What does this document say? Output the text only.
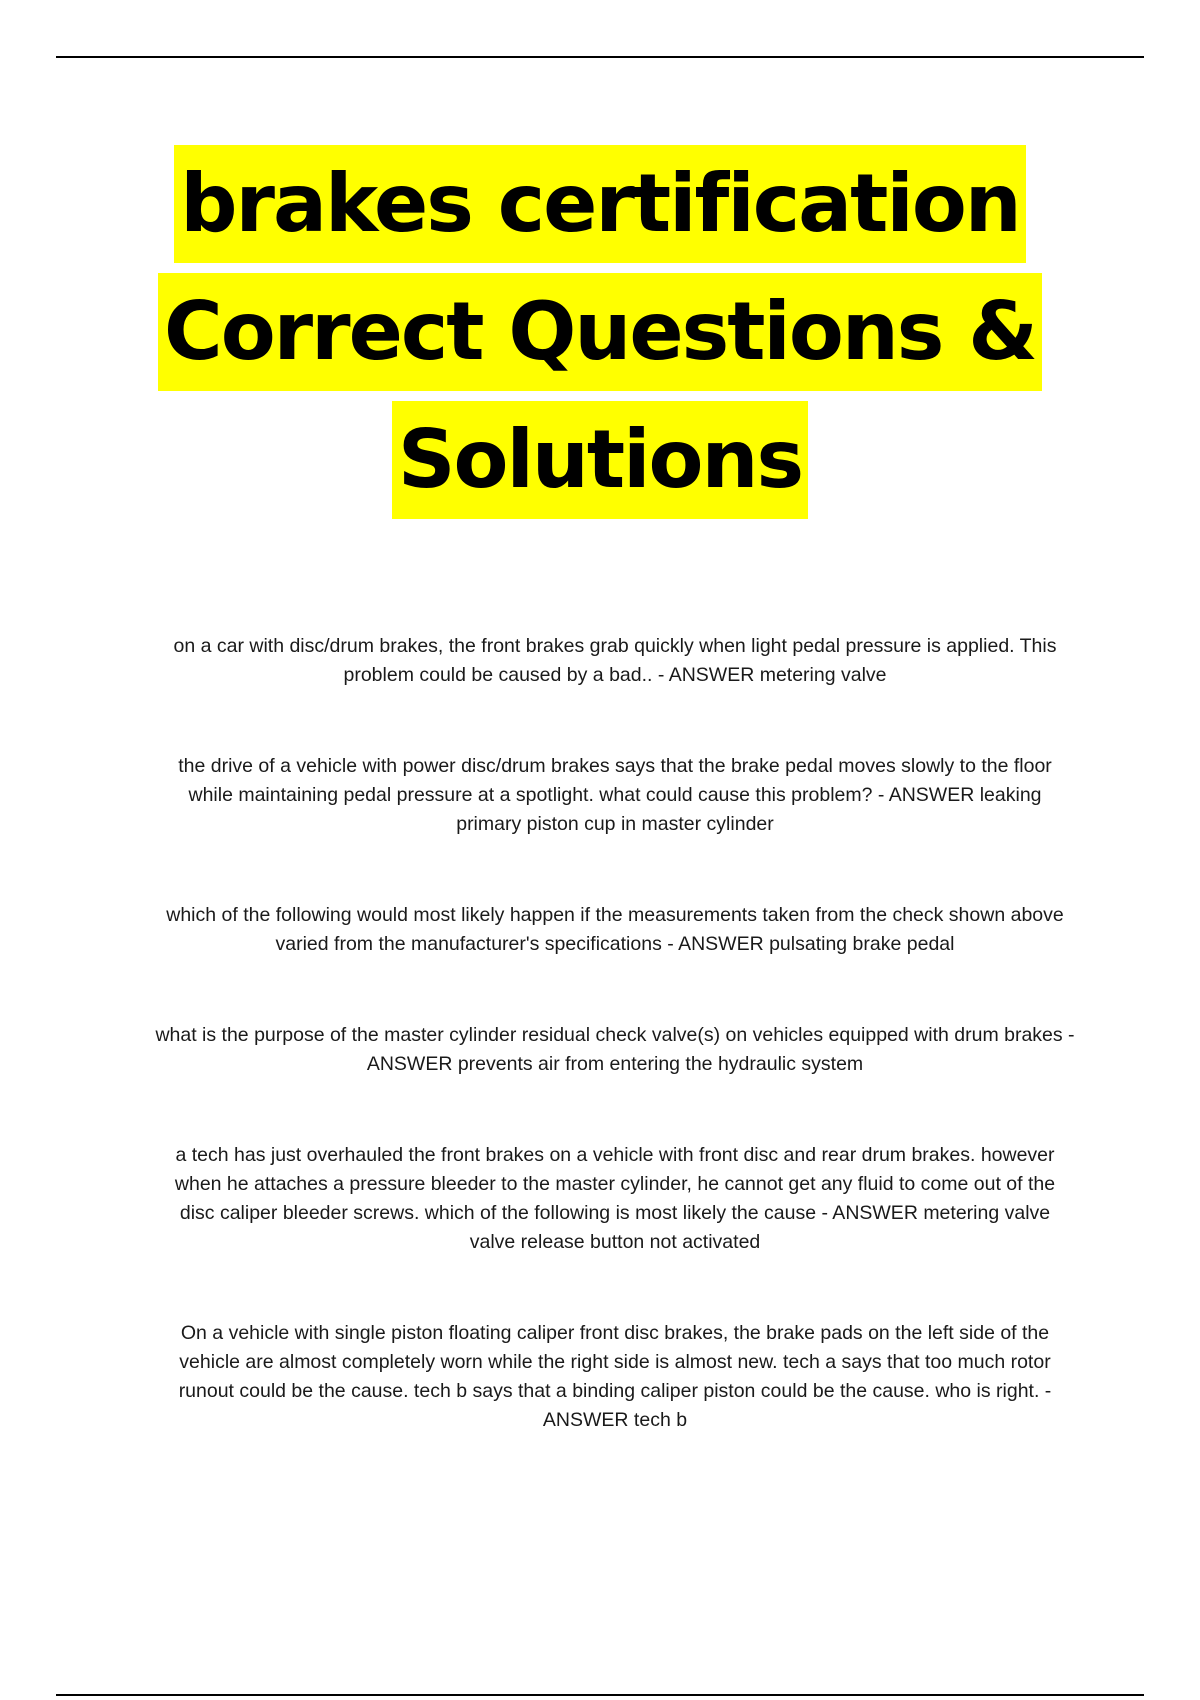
brakes certification
Correct Questions &
Solutions

on a car with disc/drum brakes, the front brakes grab quickly when light pedal pressure is applied. This problem could be caused by a bad.. - ANSWER metering valve

the drive of a vehicle with power disc/drum brakes says that the brake pedal moves slowly to the floor while maintaining pedal pressure at a spotlight. what could cause this problem? - ANSWER leaking primary piston cup in master cylinder

which of the following would most likely happen if the measurements taken from the check shown above varied from the manufacturer's specifications - ANSWER pulsating brake pedal

what is the purpose of the master cylinder residual check valve(s) on vehicles equipped with drum brakes - ANSWER prevents air from entering the hydraulic system

a tech has just overhauled the front brakes on a vehicle with front disc and rear drum brakes. however when he attaches a pressure bleeder to the master cylinder, he cannot get any fluid to come out of the disc caliper bleeder screws. which of the following is most likely the cause - ANSWER metering valve valve release button not activated

On a vehicle with single piston floating caliper front disc brakes, the brake pads on the left side of the vehicle are almost completely worn while the right side is almost new. tech a says that too much rotor runout could be the cause. tech b says that a binding caliper piston could be the cause. who is right. - ANSWER tech b
